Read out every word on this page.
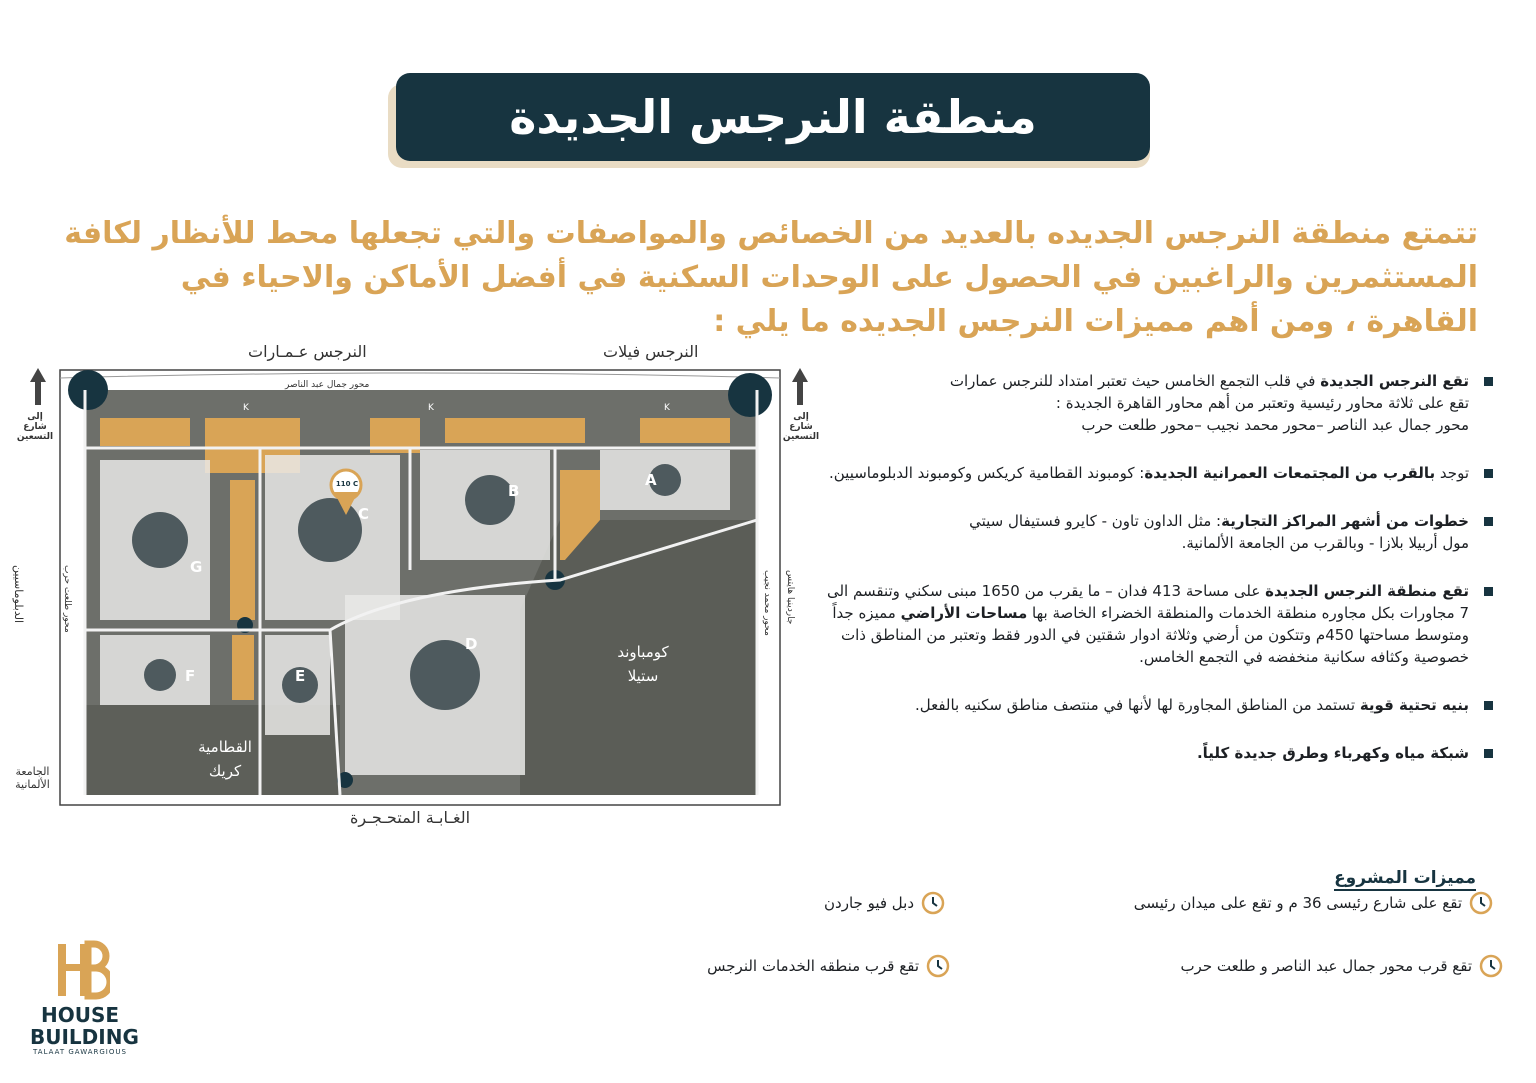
منطقة النرجس الجديدة

تتمتع منطقة النرجس الجديده بالعديد من الخصائص والمواصفات والتي تجعلها محط للأنظار لكافة المستثمرين والراغبين في الحصول على الوحدات السكنية في أفضل الأماكن والاحياء في القاهرة ، ومن أهم مميزات النرجس الجديده ما يلي :

النرجس عـمـارات	النرجس فيلات
محور جمال عبد الناصر
إلى شارع التسعين
إلى شارع التسعين
الدبلوماسيين	محور طلعت حرب	محور محمد نجيب جاردينيا هايتس
الغـابـة المتحـجـرة
الجامعة الألمانية
كومباوند ستيلا
القطامية كريك
110 C	A
B
C
D
E
F
G
K	K	K
تقع النرجس الجديدة في قلب التجمع الخامس حيث تعتبر امتداد للنرجس عمارات
تقع على ثلاثة محاور رئيسية وتعتبر من أهم محاور القاهرة الجديدة :
محور جمال عبد الناصر –محور محمد نجيب –محور طلعت حرب
توجد بالقرب من المجتمعات العمرانية الجديدة: كومبوند القطامية كريكس وكومبوند الدبلوماسيين.
خطوات من أشهر المراكز التجارية: مثل الداون تاون - كايرو فستيفال سيتي
مول أربيلا بلازا - وبالقرب من الجامعة الألمانية.
تقع منطقة النرجس الجديدة على مساحة 413 فدان – ما يقرب من 1650 مبنى سكني وتنقسم الى 7 مجاورات بكل مجاوره منطقة الخدمات والمنطقة الخضراء الخاصة بها مساحات الأراضي مميزه جداً ومتوسط مساحتها 450م وتتكون من أرضي وثلاثة ادوار شقتين في الدور فقط وتعتبر من المناطق ذات خصوصية وكثافه سكانية منخفضه في التجمع الخامس.
بنيه تحتية قوية تستمد من المناطق المجاورة لها لأنها في منتصف مناطق سكنيه بالفعل.
شبكة مياه وكهرباء وطرق جديدة كلياً.
مميزات المشروع
تقع على شارع رئيسى 36 م و تقع على ميدان رئيسى
دبل فيو جاردن
تقع قرب محور جمال عبد الناصر و طلعت حرب
تقع قرب منطقه الخدمات النرجس
HOUSE
BUILDING
TALAAT GAWARGIOUS
